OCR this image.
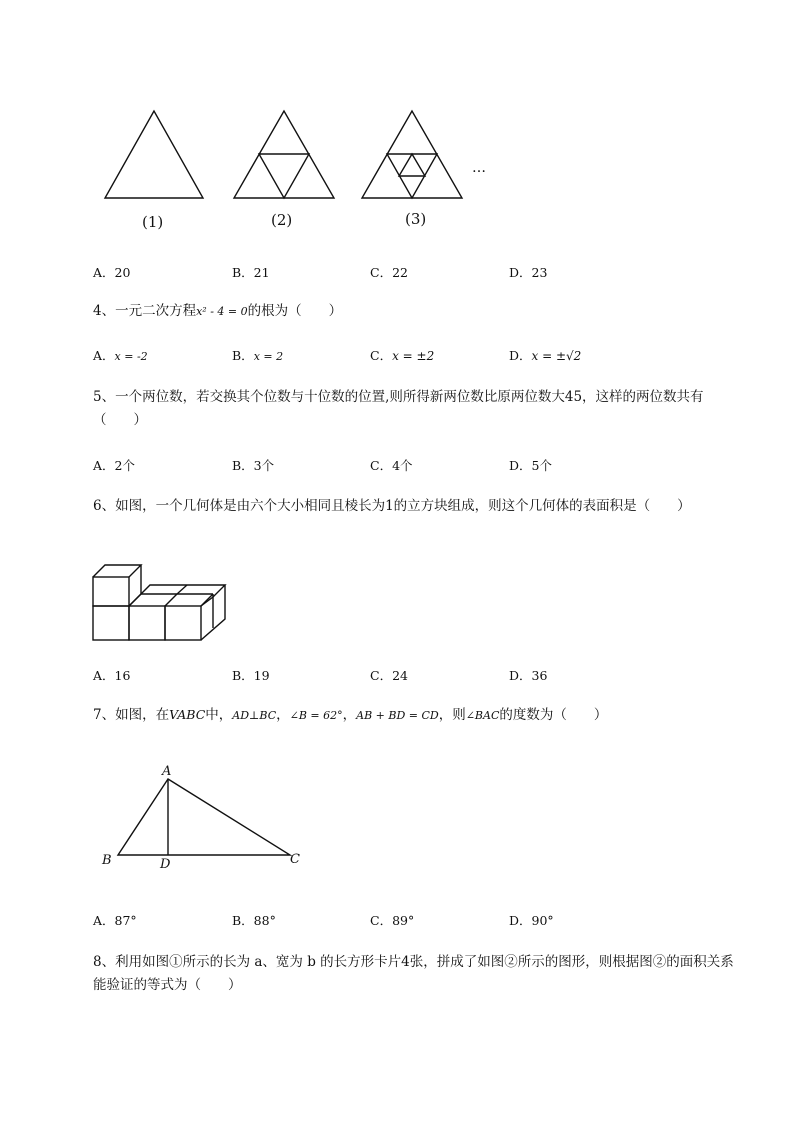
(1)	(2)	(3)
…
A．20	B．21	C．22	D．23
4、一元二次方程x² - 4 = 0的根为（　　）
A．x = -2	B．x = 2	C．x = ±2	D．x = ±√2
5、一个两位数，若交换其个位数与十位数的位置,则所得新两位数比原两位数大45，这样的两位数共有（　　）
A．2个	B．3个	C．4个	D．5个
6、如图，一个几何体是由六个大小相同且棱长为1的立方块组成，则这个几何体的表面积是（　　）
A．16	B．19	C．24	D．36
7、如图，在VABC中，AD⊥BC，∠B = 62°，AB + BD = CD，则∠BAC的度数为（　　）
A
B	C
D
A．87°	B．88°	C．89°	D．90°
8、利用如图①所示的长为 a、宽为 b 的长方形卡片4张，拼成了如图②所示的图形，则根据图②的面积关系能验证的等式为（　　）
